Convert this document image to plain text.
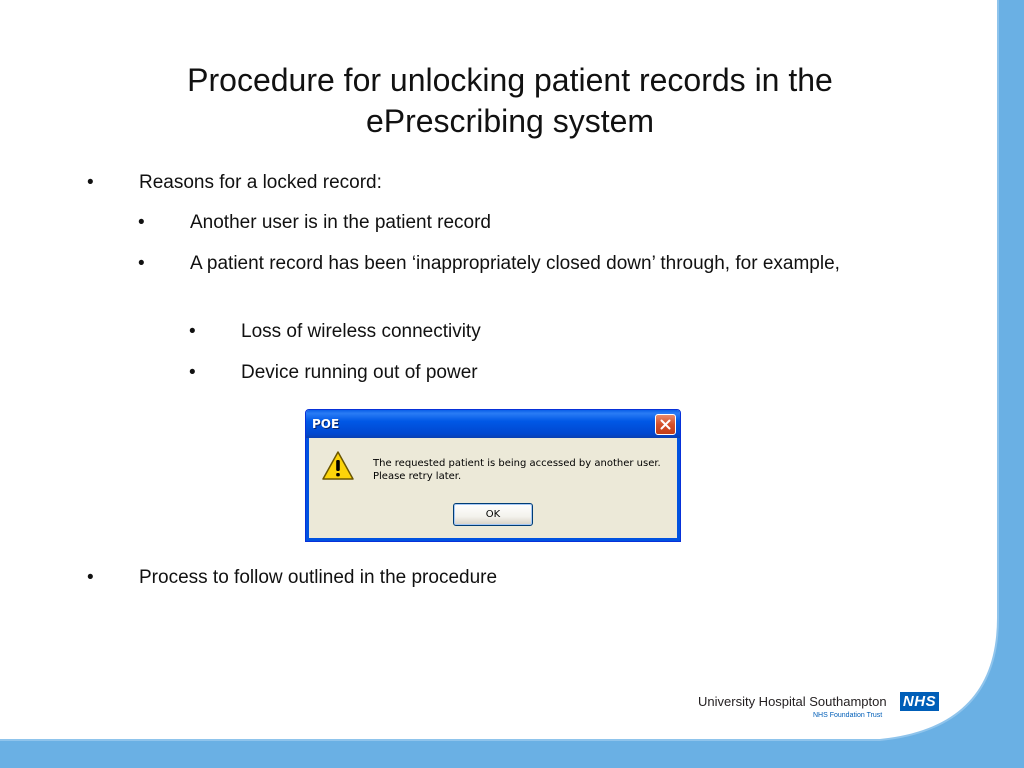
Procedure for unlocking patient records in the ePrescribing system
•	Reasons for a locked record:
•	Another user is in the patient record
•	A patient record has been ‘inappropriately closed down’ through, for example,
•	Loss of wireless connectivity
•	Device running out of power
POE
The requested patient is being accessed by another user.
Please retry later.
OK
•	Process to follow outlined in the procedure
University Hospital Southampton NHS
NHS Foundation Trust
